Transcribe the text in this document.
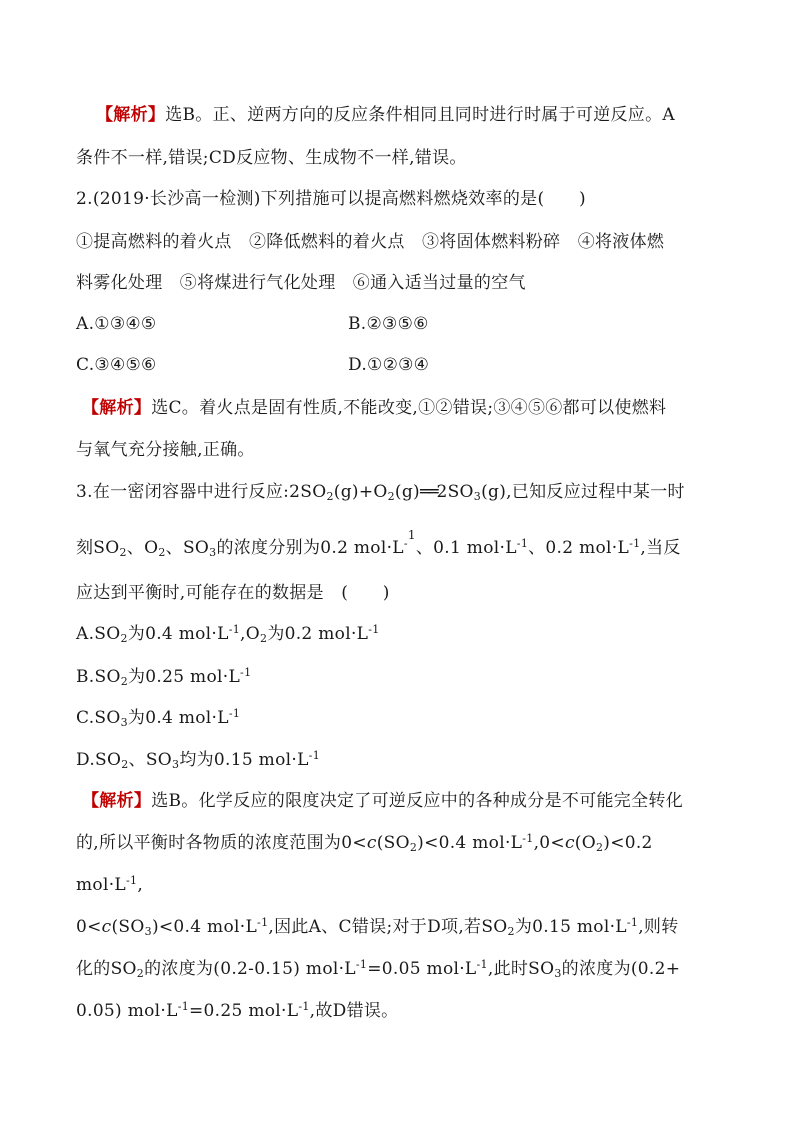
【解析】选B。正、逆两方向的反应条件相同且同时进行时属于可逆反应。A
条件不一样,错误;CD反应物、生成物不一样,错误。
2.(2019·长沙高一检测)下列措施可以提高燃料燃烧效率的是(　　)
①提高燃料的着火点　②降低燃料的着火点　③将固体燃料粉碎　④将液体燃
料雾化处理　⑤将煤进行气化处理　⑥通入适当过量的空气
A.①③④⑤	B.②③⑤⑥
C.③④⑤⑥	D.①②③④
【解析】选C。着火点是固有性质,不能改变,①②错误;③④⑤⑥都可以使燃料
与氧气充分接触,正确。
3.在一密闭容器中进行反应$:2SO_2(g)+O_2(g)══2SO_3(g)$,已知反应过程中某一时
刻$SO_2$、$O_2$、$SO_3$的浓度分别为0.2 $mol\cdot L^{-1}$、0.1 $mol\cdot L^{-1}$、0.2 $mol\cdot L^{-1}$,当反
应达到平衡时,可能存在的数据是　(　　)
$A.SO_2$为0.4 $mol\cdot L^{-1},O_2$为0.2 $mol\cdot L^{-1}$
$B.SO_2$为0.25 $mol\cdot L^{-1}$
$C.SO_3$为0.4 $mol\cdot L^{-1}$
$D.SO_2$、$SO_3$均为0.15 $mol\cdot L^{-1}$
【解析】选B。化学反应的限度决定了可逆反应中的各种成分是不可能完全转化
的,所以平衡时各物质的浓度范围为$0<c(SO_2)<0.4$ $mol\cdot L^{-1},0<c(O_2)<0.2$
$mol\cdot L^{-1}$,
$0<c(SO_3)<0.4$ $mol\cdot L^{-1}$,因此A、C错误;对于D项,若$SO_2$为0.15 $mol\cdot L^{-1}$,则转
化的$SO_2$的浓度为(0.2-0.15) $mol\cdot L^{-1}=0.05$ $mol\cdot L^{-1}$,此时$SO_3$的浓度为(0.2+
0.05) $mol\cdot L^{-1}=0.25$ $mol\cdot L^{-1}$,故D错误。
